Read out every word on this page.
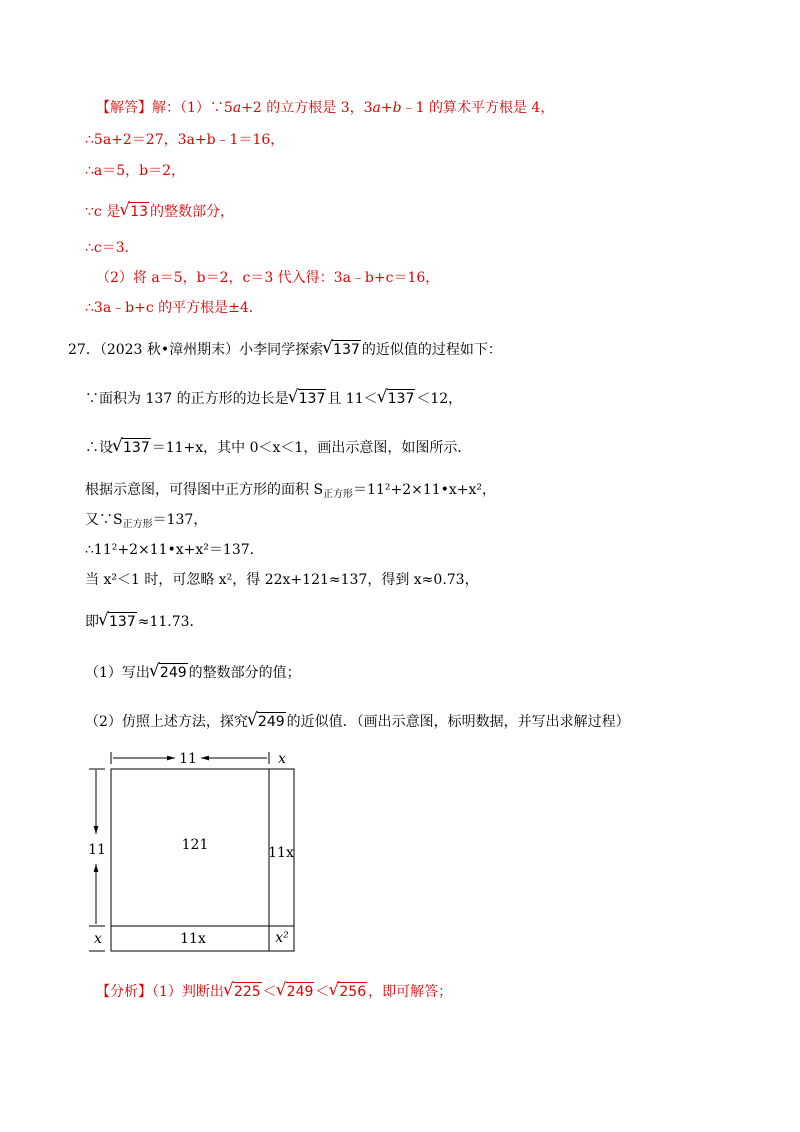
【解答】解：（1）∵5a+2 的立方根是 3，3a+b﹣1 的算术平方根是 4，
∴5a+2＝27，3a+b﹣1＝16，
∴a＝5，b＝2，
∵c 是 √ 13 的整数部分，
∴c＝3．
（2）将 a＝5，b＝2，c＝3 代入得：3a﹣b+c＝16，
∴3a﹣b+c 的平方根是±4．
27．（2023 秋•漳州期末）小李同学探索 √ 137 的近似值的过程如下：
∵面积为 137 的正方形的边长是 √ 137 且 11＜ √ 137 ＜12，
∴设 √ 137 ＝11+x，其中 0＜x＜1，画出示意图，如图所示．
根据示意图，可得图中正方形的面积 $S_{正方形}=11^2+2\times 11•x+x^2$，
又$\because S_{正方形}=137$，
∴11²+2×11•x+x²＝137．
当 x²＜1 时，可忽略 x²，得 22x+121≈137，得到 x≈0.73，
即 √ 137 ≈11.73．
（1）写出 √ 249 的整数部分的值；
（2）仿照上述方法，探究 √ 249 的近似值．（画出示意图，标明数据，并写出求解过程）
11	x
11
x
121	11x
11x	x²
【分析】（1）判断出 √ 225 ＜ √ 249 ＜ √ 256 ，即可解答；
